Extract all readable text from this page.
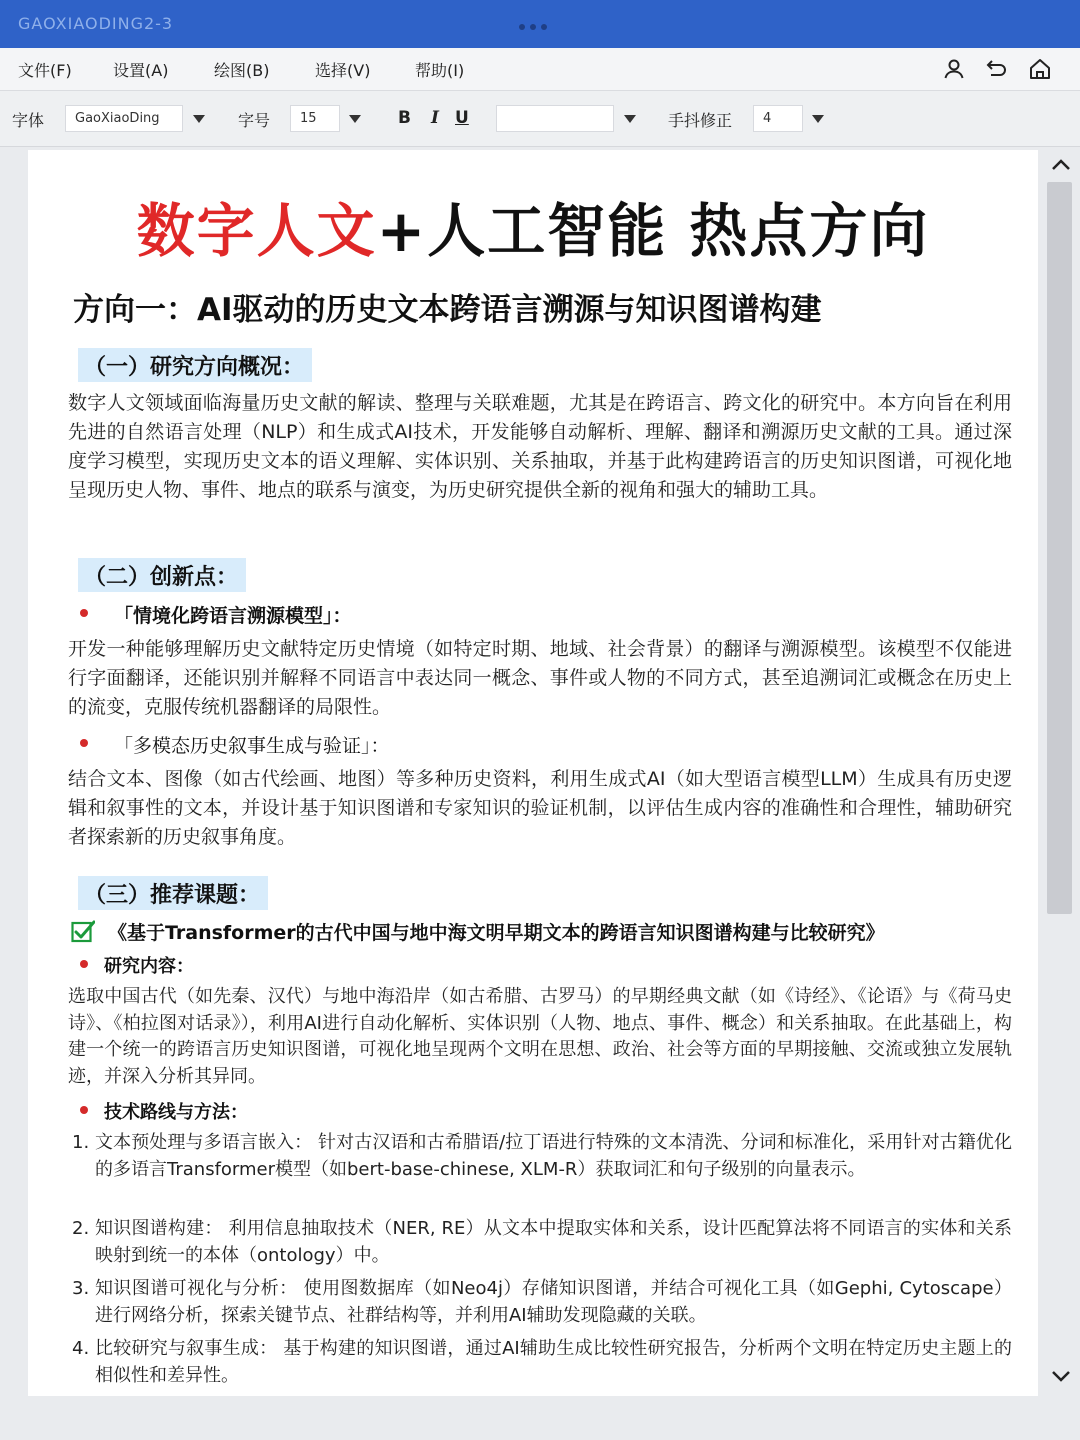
GAOXIAODING2-3
文件(F)	设置(A)	绘图(B)	选择(V)	帮助(I)
字体	GaoXiaoDing	字号	15	手抖修正	4
B I U
数字人文+人工智能 热点方向
方向一：AI驱动的历史文本跨语言溯源与知识图谱构建
（一）研究方向概况：

数字人文领域面临海量历史文献的解读、整理与关联难题，尤其是在跨语言、跨文化的研究中。本方向旨在利用先进的自然语言处理（NLP）和生成式AI技术，开发能够自动解析、理解、翻译和溯源历史文献的工具。通过深度学习模型，实现历史文本的语义理解、实体识别、关系抽取，并基于此构建跨语言的历史知识图谱，可视化地呈现历史人物、事件、地点的联系与演变，为历史研究提供全新的视角和强大的辅助工具。

（二）创新点：
「情境化跨语言溯源模型」：

开发一种能够理解历史文献特定历史情境（如特定时期、地域、社会背景）的翻译与溯源模型。该模型不仅能进行字面翻译，还能识别并解释不同语言中表达同一概念、事件或人物的不同方式，甚至追溯词汇或概念在历史上的流变，克服传统机器翻译的局限性。

「多模态历史叙事生成与验证」：

结合文本、图像（如古代绘画、地图）等多种历史资料，利用生成式AI（如大型语言模型LLM）生成具有历史逻辑和叙事性的文本，并设计基于知识图谱和专家知识的验证机制，以评估生成内容的准确性和合理性，辅助研究者探索新的历史叙事角度。

（三）推荐课题：
《基于Transformer的古代中国与地中海文明早期文本的跨语言知识图谱构建与比较研究》
研究内容：

选取中国古代（如先秦、汉代）与地中海沿岸（如古希腊、古罗马）的早期经典文献（如《诗经》、《论语》与《荷马史诗》、《柏拉图对话录》），利用AI进行自动化解析、实体识别（人物、地点、事件、概念）和关系抽取。在此基础上，构建一个统一的跨语言历史知识图谱，可视化地呈现两个文明在思想、政治、社会等方面的早期接触、交流或独立发展轨迹，并深入分析其异同。

技术路线与方法：
1. 文本预处理与多语言嵌入： 针对古汉语和古希腊语/拉丁语进行特殊的文本清洗、分词和标准化，采用针对古籍优化的多语言Transformer模型（如bert-base-chinese, XLM-R）获取词汇和句子级别的向量表示。
2. 知识图谱构建： 利用信息抽取技术（NER, RE）从文本中提取实体和关系，设计匹配算法将不同语言的实体和关系映射到统一的本体（ontology）中。
3. 知识图谱可视化与分析： 使用图数据库（如Neo4j）存储知识图谱，并结合可视化工具（如Gephi, Cytoscape）进行网络分析，探索关键节点、社群结构等，并利用AI辅助发现隐藏的关联。
4. 比较研究与叙事生成： 基于构建的知识图谱，通过AI辅助生成比较性研究报告，分析两个文明在特定历史主题上的相似性和差异性。
